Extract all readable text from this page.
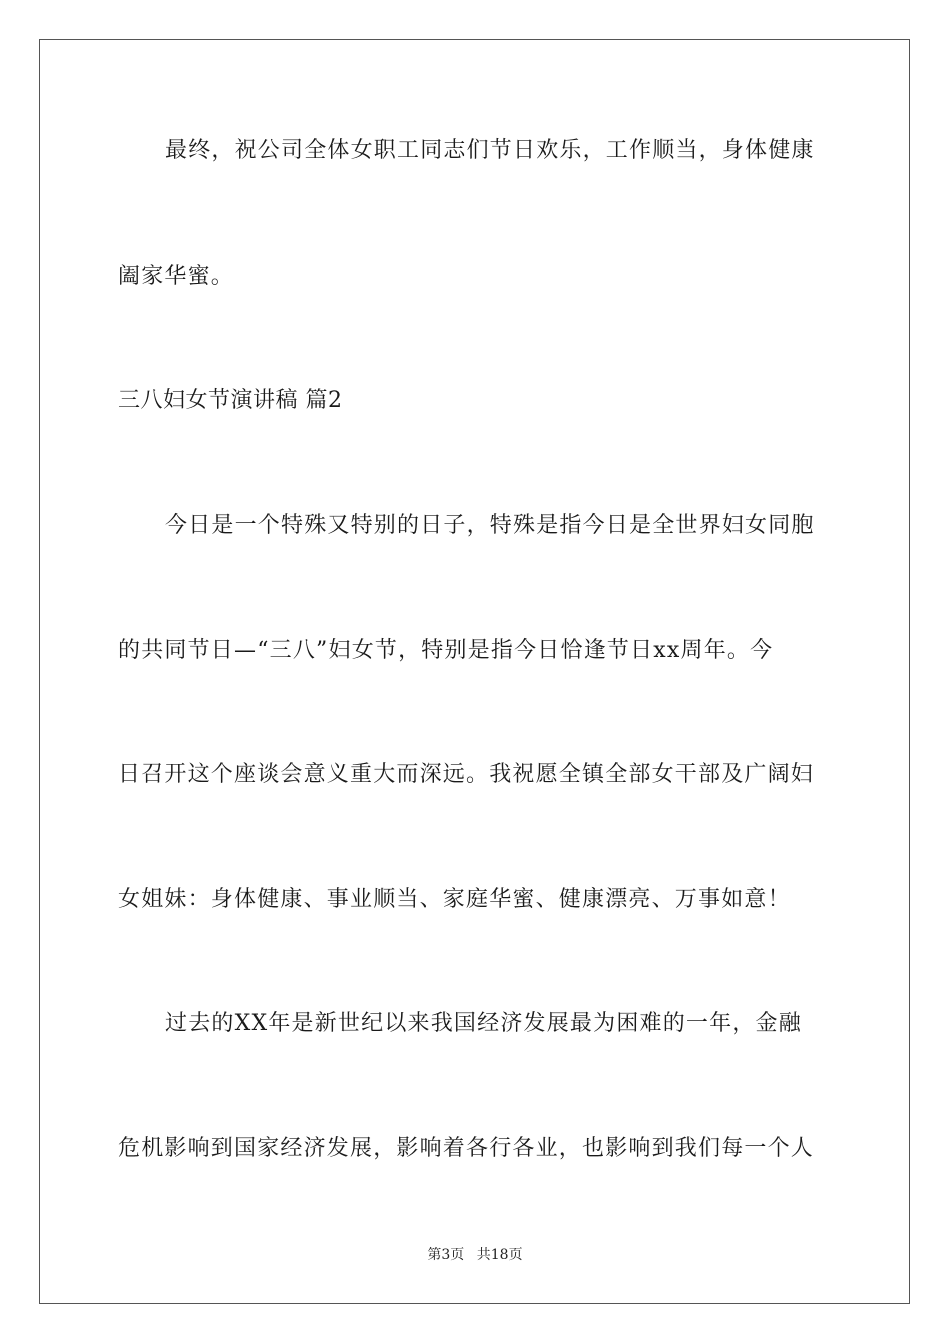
最终，祝公司全体女职工同志们节日欢乐，工作顺当，身体健康
阖家华蜜。
三八妇女节演讲稿 篇2
今日是一个特殊又特别的日子，特殊是指今日是全世界妇女同胞
的共同节日—“三八”妇女节，特别是指今日恰逢节日xx周年。今
日召开这个座谈会意义重大而深远。我祝愿全镇全部女干部及广阔妇
女姐妹：身体健康、事业顺当、家庭华蜜、健康漂亮、万事如意！
过去的XX年是新世纪以来我国经济发展最为困难的一年，金融
危机影响到国家经济发展，影响着各行各业，也影响到我们每一个人
第3页 共18页
